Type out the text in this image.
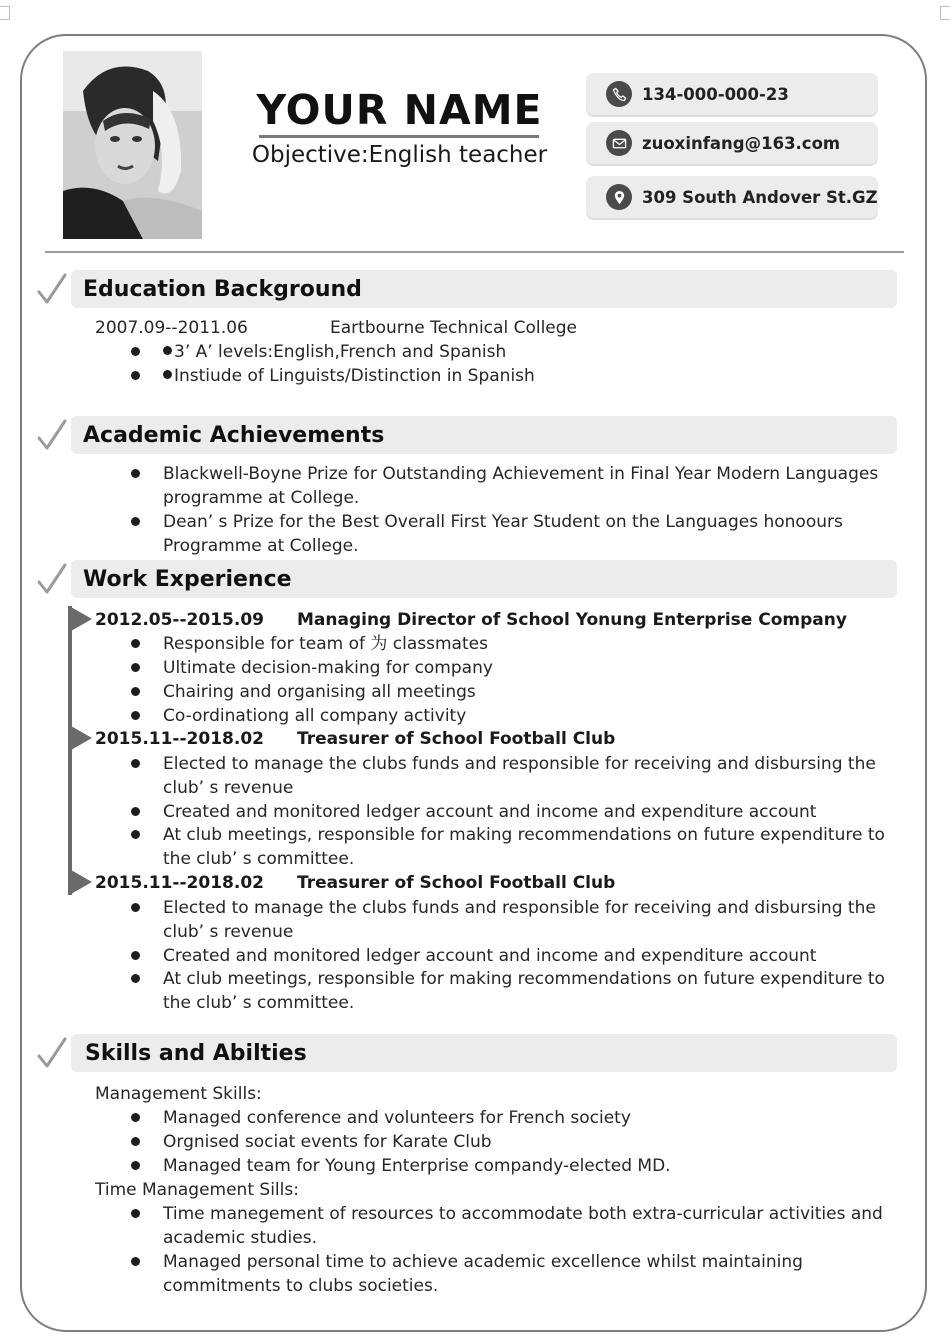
YOUR NAME
Objective:English teacher
134-000-000-23
zuoxinfang@163.com
309 South Andover St.GZ
Education Background
2007.09--2011.06	Eartbourne Technical College
3’ A’ levels:English,French and Spanish
Instiude of Linguists/Distinction in Spanish
Academic Achievements
Blackwell-Boyne Prize for Outstanding Achievement in Final Year Modern Languages
programme at College.
Dean’ s Prize for the Best Overall First Year Student on the Languages honoours
Programme at College.
Work Experience
2012.05--2015.09 Managing Director of School Yonung Enterprise Company
Responsible for team of 为 classmates
Ultimate decision-making for company
Chairing and organising all meetings
Co-ordinationg all company activity
2015.11--2018.02 Treasurer of School Football Club
Elected to manage the clubs funds and responsible for receiving and disbursing the
club’ s revenue
Created and monitored ledger account and income and expenditure account
At club meetings, responsible for making recommendations on future expenditure to
the club’ s committee.
2015.11--2018.02 Treasurer of School Football Club
Elected to manage the clubs funds and responsible for receiving and disbursing the
club’ s revenue
Created and monitored ledger account and income and expenditure account
At club meetings, responsible for making recommendations on future expenditure to
the club’ s committee.
Skills and Abilties
Management Skills:
Managed conference and volunteers for French society
Orgnised sociat events for Karate Club
Managed team for Young Enterprise compandy-elected MD.
Time Management Sills:
Time manegement of resources to accommodate both extra-curricular activities and
academic studies.
Managed personal time to achieve academic excellence whilst maintaining
commitments to clubs societies.
